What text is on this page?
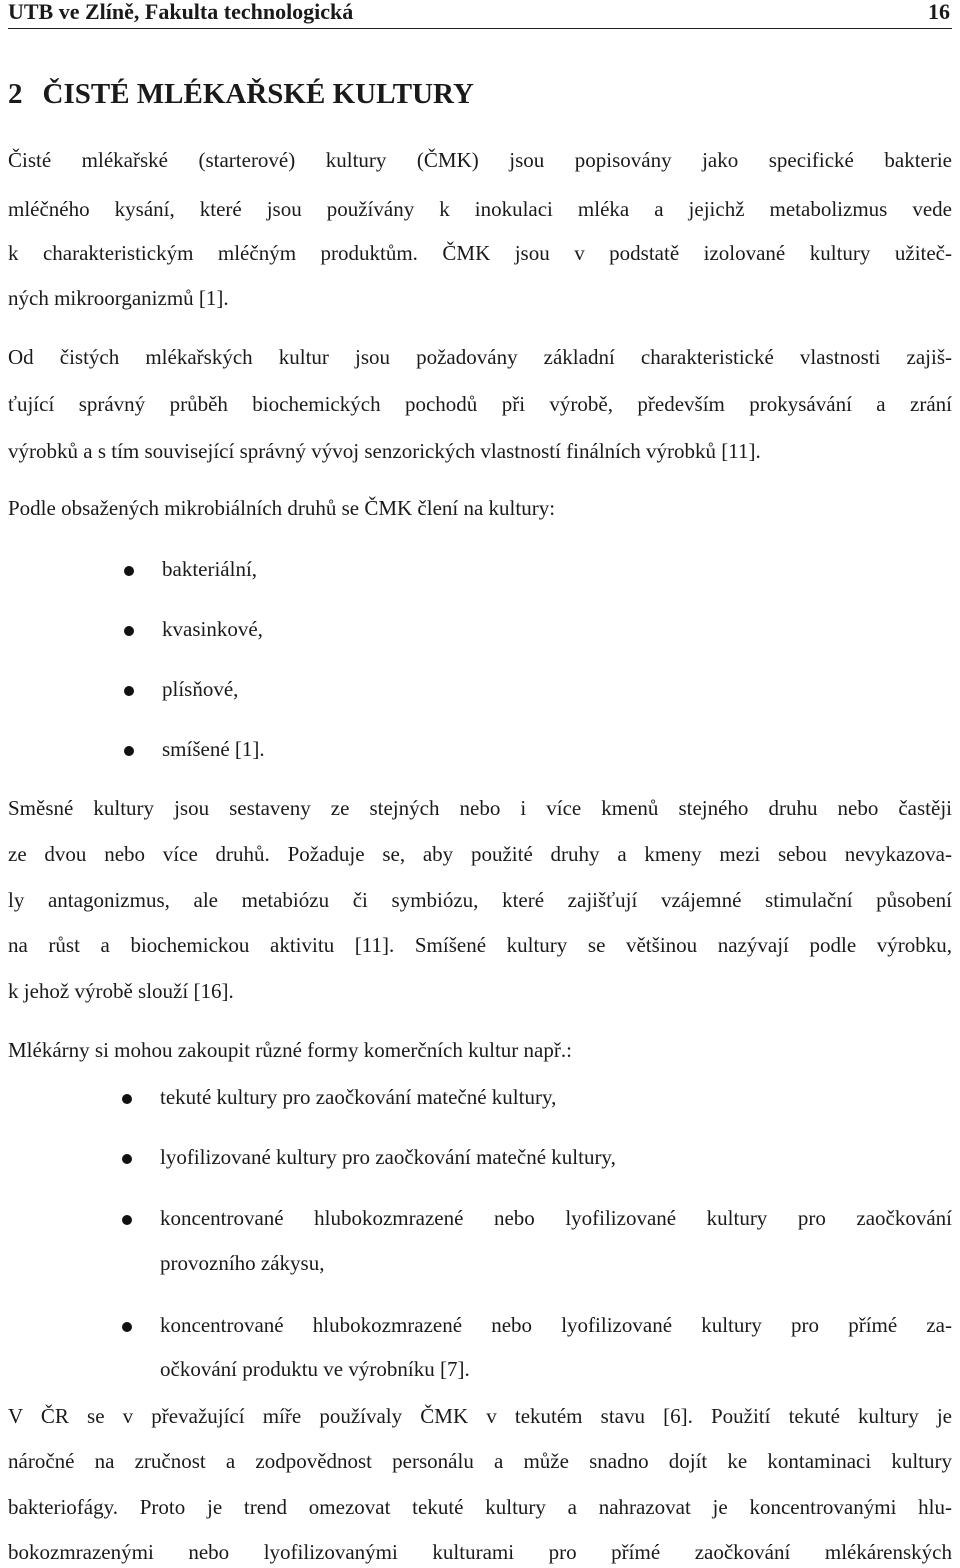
UTB ve Zlíně, Fakulta technologická	16
2 ČISTÉ MLÉKAŘSKÉ KULTURY
Čisté mlékařské (starterové) kultury (ČMK) jsou popisovány jako specifické bakterie
mléčného kysání, které jsou používány k inokulaci mléka a jejichž metabolizmus vede
k charakteristickým mléčným produktům. ČMK jsou v podstatě izolované kultury užiteč-
ných mikroorganizmů [1].
Od čistých mlékařských kultur jsou požadovány základní charakteristické vlastnosti zajiš-
ťující správný průběh biochemických pochodů při výrobě, především prokysávání a zrání
výrobků a s tím související správný vývoj senzorických vlastností finálních výrobků [11].
Podle obsažených mikrobiálních druhů se ČMK člení na kultury:
bakteriální,
kvasinkové,
plísňové,
smíšené [1].
Směsné kultury jsou sestaveny ze stejných nebo i více kmenů stejného druhu nebo častěji
ze dvou nebo více druhů. Požaduje se, aby použité druhy a kmeny mezi sebou nevykazova-
ly antagonizmus, ale metabiózu či symbiózu, které zajišťují vzájemné stimulační působení
na růst a biochemickou aktivitu [11]. Smíšené kultury se většinou nazývají podle výrobku,
k jehož výrobě slouží [16].
Mlékárny si mohou zakoupit různé formy komerčních kultur např.:
tekuté kultury pro zaočkování matečné kultury,
lyofilizované kultury pro zaočkování matečné kultury,
koncentrované hlubokozmrazené nebo lyofilizované kultury pro zaočkování
provozního zákysu,
koncentrované hlubokozmrazené nebo lyofilizované kultury pro přímé za-
očkování produktu ve výrobníku [7].
V ČR se v převažující míře používaly ČMK v tekutém stavu [6]. Použití tekuté kultury je
náročné na zručnost a zodpovědnost personálu a může snadno dojít ke kontaminaci kultury
bakteriofágy. Proto je trend omezovat tekuté kultury a nahrazovat je koncentrovanými hlu-
bokozmrazenými nebo lyofilizovanými kulturami pro přímé zaočkování mlékárenských
